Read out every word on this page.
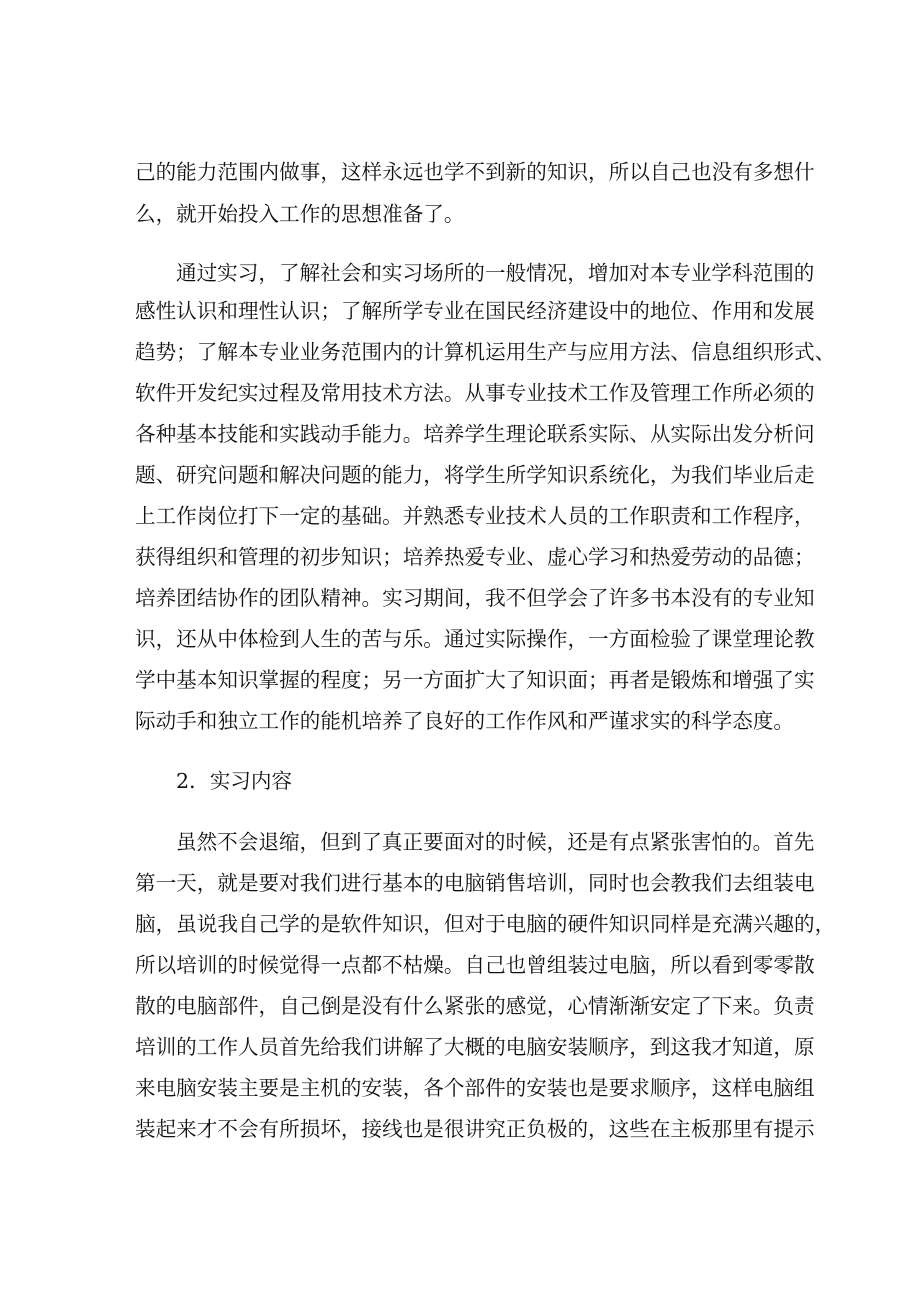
己的能力范围内做事，这样永远也学不到新的知识，所以自己也没有多想什
么，就开始投入工作的思想准备了。
通过实习，了解社会和实习场所的一般情况，增加对本专业学科范围的
感性认识和理性认识；了解所学专业在国民经济建设中的地位、作用和发展
趋势；了解本专业业务范围内的计算机运用生产与应用方法、信息组织形式、
软件开发纪实过程及常用技术方法。从事专业技术工作及管理工作所必须的
各种基本技能和实践动手能力。培养学生理论联系实际、从实际出发分析问
题、研究问题和解决问题的能力，将学生所学知识系统化，为我们毕业后走
上工作岗位打下一定的基础。并熟悉专业技术人员的工作职责和工作程序，
获得组织和管理的初步知识；培养热爱专业、虚心学习和热爱劳动的品德；
培养团结协作的团队精神。实习期间，我不但学会了许多书本没有的专业知
识，还从中体检到人生的苦与乐。通过实际操作，一方面检验了课堂理论教
学中基本知识掌握的程度；另一方面扩大了知识面；再者是锻炼和增强了实
际动手和独立工作的能机培养了良好的工作作风和严谨求实的科学态度。
2．实习内容
虽然不会退缩，但到了真正要面对的时候，还是有点紧张害怕的。首先
第一天，就是要对我们进行基本的电脑销售培训，同时也会教我们去组装电
脑，虽说我自己学的是软件知识，但对于电脑的硬件知识同样是充满兴趣的，
所以培训的时候觉得一点都不枯燥。自己也曾组装过电脑，所以看到零零散
散的电脑部件，自己倒是没有什么紧张的感觉，心情渐渐安定了下来。负责
培训的工作人员首先给我们讲解了大概的电脑安装顺序，到这我才知道，原
来电脑安装主要是主机的安装，各个部件的安装也是要求顺序，这样电脑组
装起来才不会有所损坏，接线也是很讲究正负极的，这些在主板那里有提示
